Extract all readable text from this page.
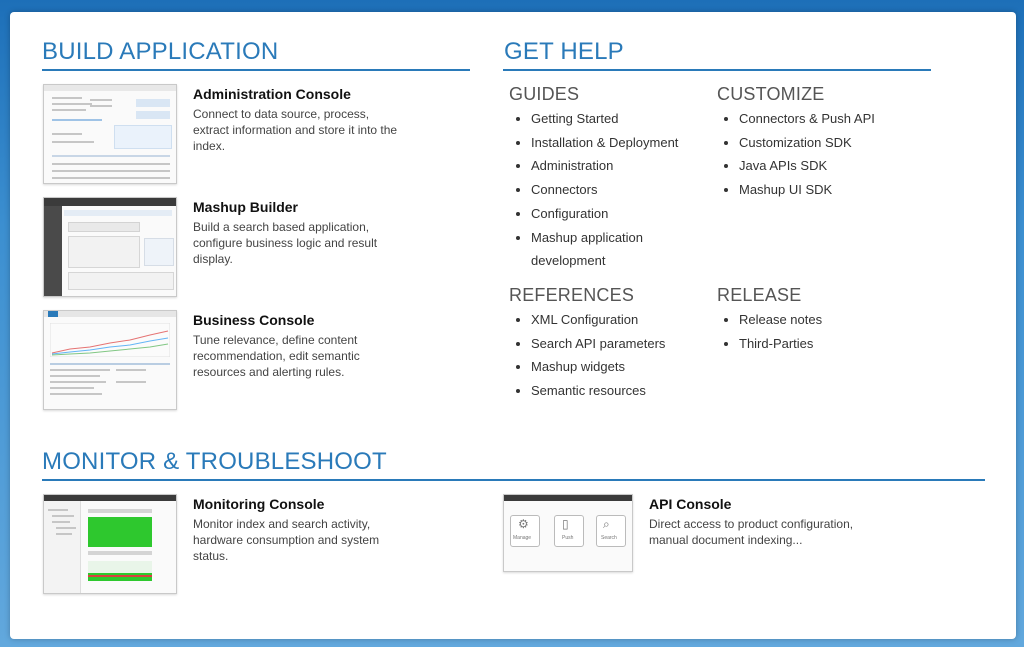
BUILD APPLICATION
Administration Console
Connect to data source, process, extract information and store it into the index.
Mashup Builder
Build a search based application, configure business logic and result display.
Business Console
Tune relevance, define content recommendation, edit semantic resources and alerting rules.
GET HELP
GUIDES
Getting Started
Installation & Deployment
Administration
Connectors
Configuration
Mashup application
development
CUSTOMIZE
Connectors & Push API
Customization SDK
Java APIs SDK
Mashup UI SDK
REFERENCES
XML Configuration
Search API parameters
Mashup widgets
Semantic resources
RELEASE
Release notes
Third-Parties
MONITOR & TROUBLESHOOT
Monitoring Console
Monitor index and search activity, hardware consumption and system status.
⚙	▯	⌕
Manage	Push	Search
API Console
Direct access to product configuration, manual document indexing...
